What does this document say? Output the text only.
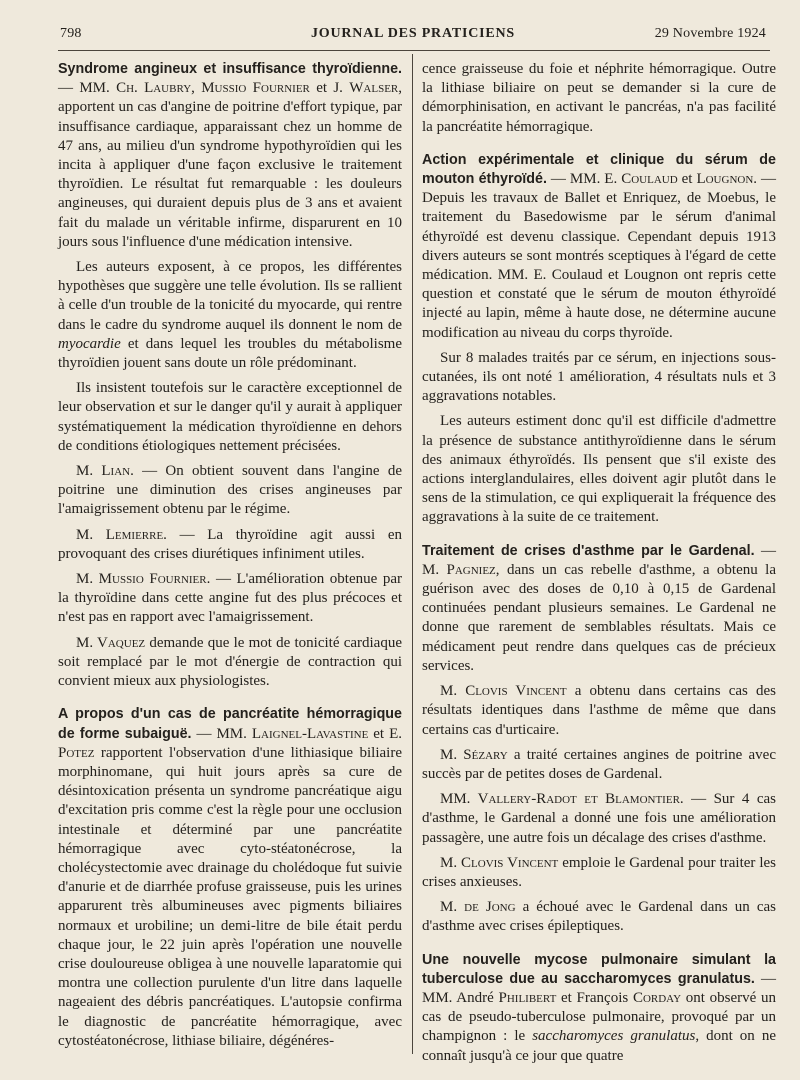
798	JOURNAL DES PRATICIENS	29 Novembre 1924

Syndrome angineux et insuffisance thyroïdienne. — MM. Ch. Laubry, Mussio Fournier et J. Walser, apportent un cas d'angine de poitrine d'effort typique, par insuffisance cardiaque, apparaissant chez un homme de 47 ans, au milieu d'un syndrome hypothyroïdien qui les incita à appliquer d'une façon exclusive le traitement thyroïdien. Le résultat fut remarquable : les douleurs angineuses, qui duraient depuis plus de 3 ans et avaient fait du malade un véritable infirme, disparurent en 10 jours sous l'influence d'une médication intensive.

Les auteurs exposent, à ce propos, les différentes hypothèses que suggère une telle évolution. Ils se rallient à celle d'un trouble de la tonicité du myocarde, qui rentre dans le cadre du syndrome auquel ils donnent le nom de myocardie et dans lequel les troubles du métabolisme thyroïdien jouent sans doute un rôle prédominant.

Ils insistent toutefois sur le caractère exceptionnel de leur observation et sur le danger qu'il y aurait à appliquer systématiquement la médication thyroïdienne en dehors de conditions étiologiques nettement précisées.

M. Lian. — On obtient souvent dans l'angine de poitrine une diminution des crises angineuses par l'amaigrissement obtenu par le régime.

M. Lemierre. — La thyroïdine agit aussi en provoquant des crises diurétiques infiniment utiles.

M. Mussio Fournier. — L'amélioration obtenue par la thyroïdine dans cette angine fut des plus précoces et n'est pas en rapport avec l'amaigrissement.

M. Vaquez demande que le mot de tonicité cardiaque soit remplacé par le mot d'énergie de contraction qui convient mieux aux physiologistes.

A propos d'un cas de pancréatite hémorragique de forme subaiguë. — MM. Laignel-Lavastine et E. Potez rapportent l'observation d'une lithiasique biliaire morphinomane, qui huit jours après sa cure de désintoxication présenta un syndrome pancréatique aigu d'excitation pris comme c'est la règle pour une occlusion intestinale et déterminé par une pancréatite hémorragique avec cyto-stéatonécrose, la cholécystectomie avec drainage du cholédoque fut suivie d'anurie et de diarrhée profuse graisseuse, puis les urines apparurent très albumineuses avec pigments biliaires normaux et urobiline; un demi-litre de bile était perdu chaque jour, le 22 juin après l'opération une nouvelle crise douloureuse obligea à une nouvelle laparatomie qui montra une collection purulente d'un litre dans laquelle nageaient des débris pancréatiques. L'autopsie confirma le diagnostic de pancréatite hémorragique, avec cytostéatonécrose, lithiase biliaire, dégénéres-

cence graisseuse du foie et néphrite hémorragique. Outre la lithiase biliaire on peut se demander si la cure de démorphinisation, en activant le pancréas, n'a pas facilité la pancréatite hémorragique.

Action expérimentale et clinique du sérum de mouton éthyroïdé. — MM. E. Coulaud et Lougnon. — Depuis les travaux de Ballet et Enriquez, de Moebus, le traitement du Basedowisme par le sérum d'animal éthyroïdé est devenu classique. Cependant depuis 1913 divers auteurs se sont montrés sceptiques à l'égard de cette médication. MM. E. Coulaud et Lougnon ont repris cette question et constaté que le sérum de mouton éthyroïdé injecté au lapin, même à haute dose, ne détermine aucune modification au niveau du corps thyroïde.

Sur 8 malades traités par ce sérum, en injections sous-cutanées, ils ont noté 1 amélioration, 4 résultats nuls et 3 aggravations notables.

Les auteurs estiment donc qu'il est difficile d'admettre la présence de substance antithyroïdienne dans le sérum des animaux éthyroïdés. Ils pensent que s'il existe des actions interglandulaires, elles doivent agir plutôt dans le sens de la stimulation, ce qui expliquerait la fréquence des aggravations à la suite de ce traitement.

Traitement de crises d'asthme par le Gardenal. — M. Pagniez, dans un cas rebelle d'asthme, a obtenu la guérison avec des doses de 0,10 à 0,15 de Gardenal continuées pendant plusieurs semaines. Le Gardenal ne donne que rarement de semblables résultats. Mais ce médicament peut rendre dans quelques cas de précieux services.

M. Clovis Vincent a obtenu dans certains cas des résultats identiques dans l'asthme de même que dans certains cas d'urticaire.

M. Sézary a traité certaines angines de poitrine avec succès par de petites doses de Gardenal.

MM. Vallery-Radot et Blamontier. — Sur 4 cas d'asthme, le Gardenal a donné une fois une amélioration passagère, une autre fois un décalage des crises d'asthme.

M. Clovis Vincent emploie le Gardenal pour traiter les crises anxieuses.

M. de Jong a échoué avec le Gardenal dans un cas d'asthme avec crises épileptiques.

Une nouvelle mycose pulmonaire simulant la tuberculose due au saccharomyces granulatus. — MM. André Philibert et François Corday ont observé un cas de pseudo-tuberculose pulmonaire, provoqué par un champignon : le saccharomyces granulatus, dont on ne connaît jusqu'à ce jour que quatre
